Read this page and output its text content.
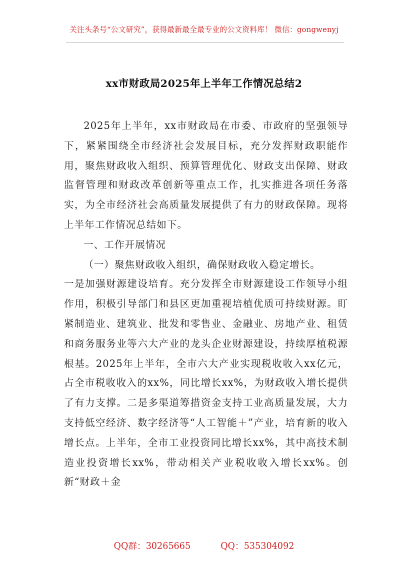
关注头条号“公文研究”，获得最新最全最专业的公文资料库！ 微信：gongwenyj
xx市财政局2025年上半年工作情况总结2

2025年上半年，xx市财政局在市委、市政府的坚强领导下，紧紧围绕全市经济社会发展目标，充分发挥财政职能作用，聚焦财政收入组织、预算管理优化、财政支出保障、财政监督管理和财政改革创新等重点工作，扎实推进各项任务落实，为全市经济社会高质量发展提供了有力的财政保障。现将上半年工作情况总结如下。

一、工作开展情况

（一）聚焦财政收入组织，确保财政收入稳定增长。

一是加强财源建设培育。充分发挥全市财源建设工作领导小组作用，积极引导部门和县区更加重视培植优质可持续财源。盯紧制造业、建筑业、批发和零售业、金融业、房地产业、租赁和商务服务业等六大产业的龙头企业财源建设，持续厚植税源根基。2025年上半年，全市六大产业实现税收收入xx亿元，占全市税收收入的xx%，同比增长xx%，为财政收入增长提供了有力支撑。二是多渠道筹措资金支持工业高质量发展，大力支持低空经济、数字经济等“人工智能＋”产业，培育新的收入增长点。上半年，全市工业投资同比增长xx%，其中高技术制造业投资增长xx%，带动相关产业税收收入增长xx%。创新“财政＋金

QQ群：30265665	QQ：535304092
